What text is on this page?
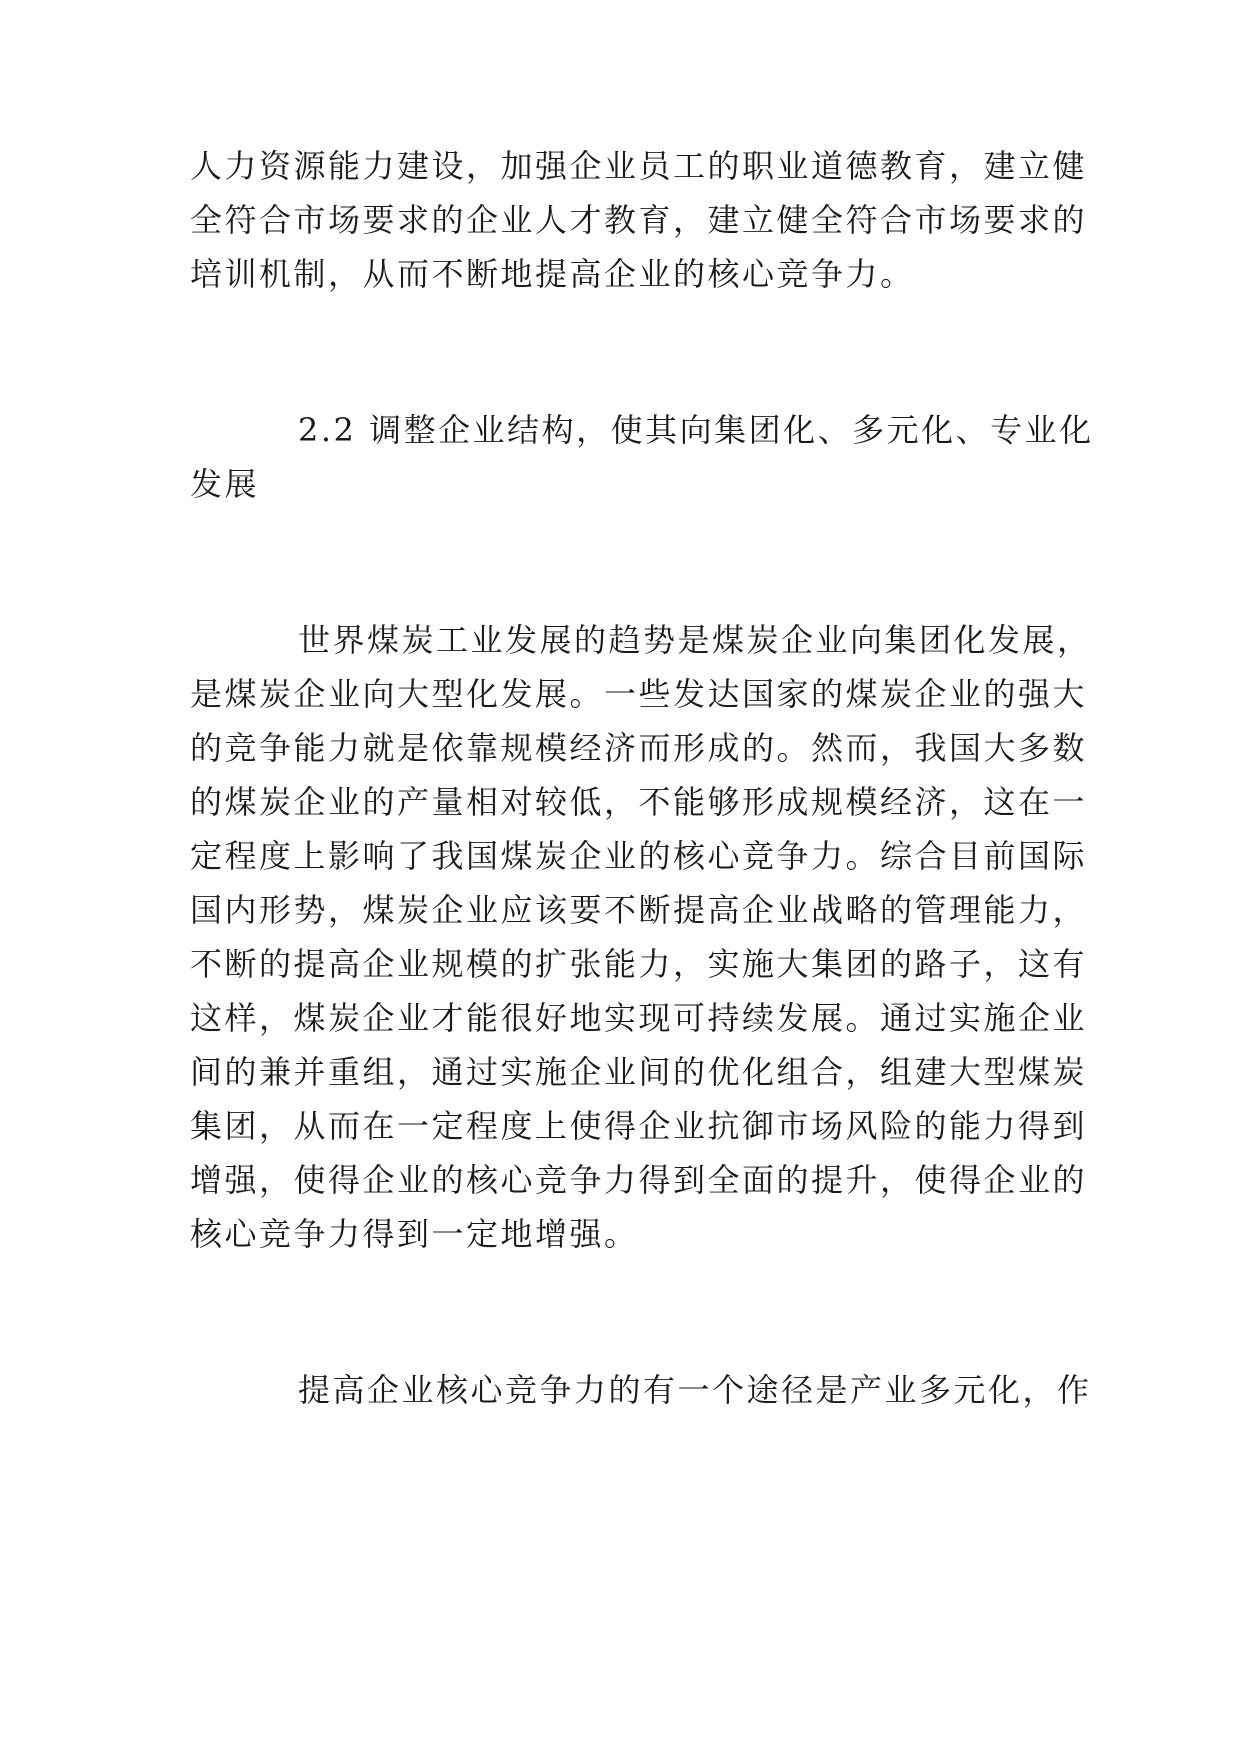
人力资源能力建设，加强企业员工的职业道德教育，建立健
全符合市场要求的企业人才教育，建立健全符合市场要求的
培训机制，从而不断地提高企业的核心竞争力。
2.2 调整企业结构，使其向集团化、多元化、专业化
发展
世界煤炭工业发展的趋势是煤炭企业向集团化发展，
是煤炭企业向大型化发展。一些发达国家的煤炭企业的强大
的竞争能力就是依靠规模经济而形成的。然而，我国大多数
的煤炭企业的产量相对较低，不能够形成规模经济，这在一
定程度上影响了我国煤炭企业的核心竞争力。综合目前国际
国内形势，煤炭企业应该要不断提高企业战略的管理能力，
不断的提高企业规模的扩张能力，实施大集团的路子，这有
这样，煤炭企业才能很好地实现可持续发展。通过实施企业
间的兼并重组，通过实施企业间的优化组合，组建大型煤炭
集团，从而在一定程度上使得企业抗御市场风险的能力得到
增强，使得企业的核心竞争力得到全面的提升，使得企业的
核心竞争力得到一定地增强。
提高企业核心竞争力的有一个途径是产业多元化，作
